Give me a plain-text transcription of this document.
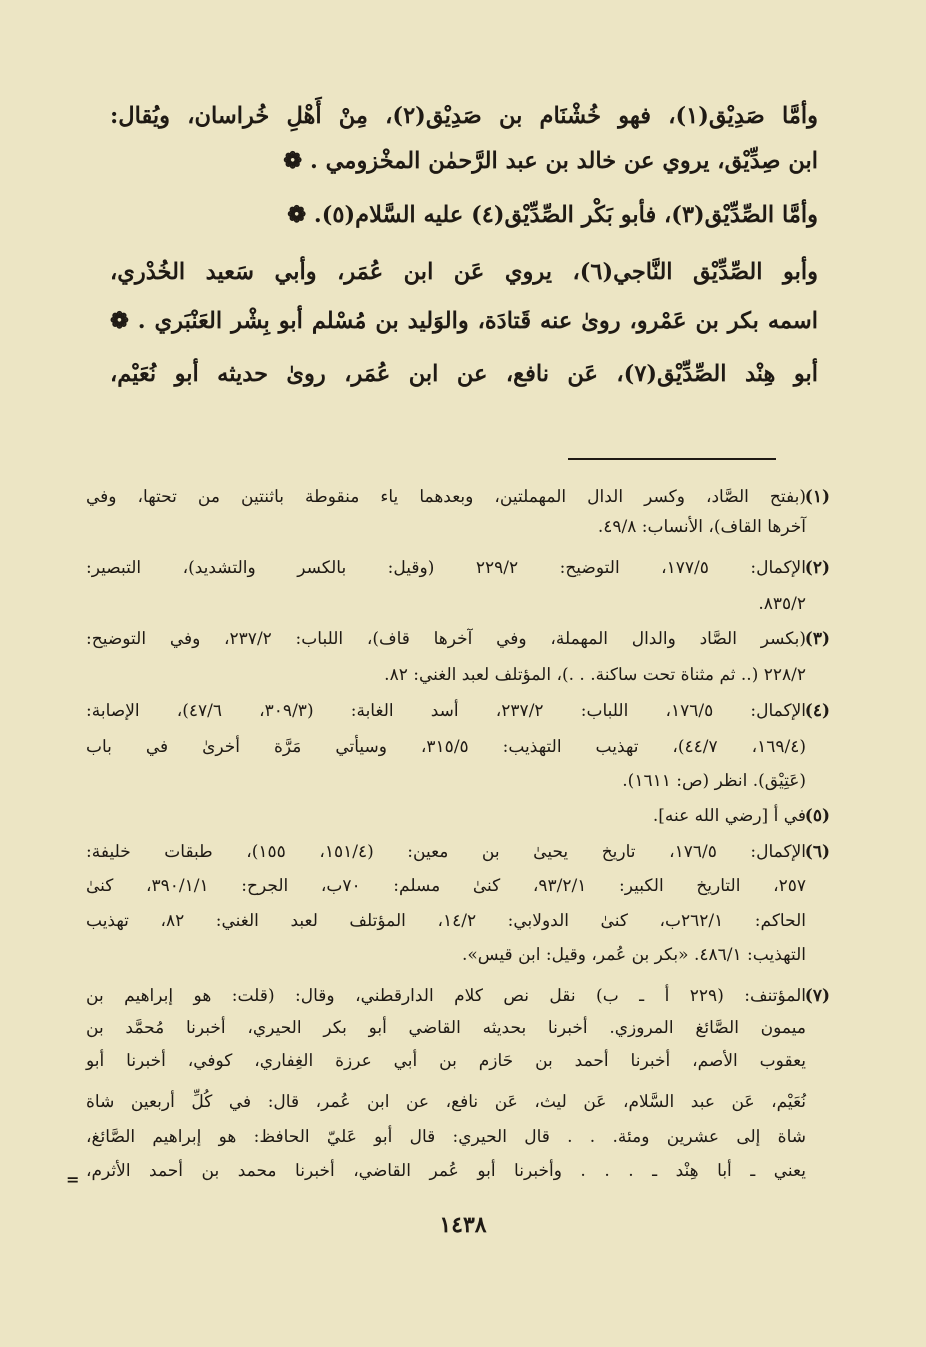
وأمَّا صَدِيْق(١)، فهو خُشْنَام بن صَدِيْق(٢)، مِنْ أَهْلِ خُراسان، ويُقال:
ابن صِدِّيْق، يروي عن خالد بن عبد الرَّحمٰن المخْزومي . ❁
وأمَّا الصِّدِّيْق(٣)، فأبو بَكْر الصِّدِّيْق(٤) عليه السَّلام(٥). ❁
وأبو الصِّدِّيْق النَّاجي(٦)، يروي عَن ابن عُمَر، وأبي سَعيد الخُدْري،
اسمه بكر بن عَمْرو، روىٰ عنه قَتادَة، والوَليد بن مُسْلم أبو بِشْر العَنْبَري . ❁
أبو هِنْد الصِّدِّيْق(٧)، عَن نافع، عن ابن عُمَر، روىٰ حديثه أبو نُعَيْم،
(١)
(بفتح الصَّاد، وكسر الدال المهملتين، وبعدهما ياء منقوطة باثنتين من تحتها، وفي
آخرها القاف)، الأنساب: ٤٩/٨.
(٢)
الإكمال: ١٧٧/٥، التوضيح: ٢٢٩/٢ (وقيل: بالكسر والتشديد)، التبصير:
٨٣٥/٢.
(٣)
(بكسر الصَّاد والدال المهملة، وفي آخرها قاف)، اللباب: ٢٣٧/٢، وفي التوضيح:
٢٢٨/٢ (.. ثم مثناة تحت ساكنة. . .)، المؤتلف لعبد الغني: ٨٢.
(٤)
الإكمال: ١٧٦/٥، اللباب: ٢٣٧/٢، أسد الغابة: (٣٠٩/٣، ٤٧/٦)، الإصابة:
(١٦٩/٤، ٤٤/٧)، تهذيب التهذيب: ٣١٥/٥، وسيأتي مَرَّة أخرىٰ في باب
(عَتِيْق). انظر (ص: ١٦١١).
(٥)
في أ [رضي الله عنه].
(٦)
الإكمال: ١٧٦/٥، تاريخ يحيىٰ بن معين: (١٥١/٤، ١٥٥)، طبقات خليفة:
٢٥٧، التاريخ الكبير: ٩٣/٢/١، كنىٰ مسلم: ٧٠ب، الجرح: ٣٩٠/١/١، كنىٰ
الحاكم: ٢٦٢/١ب، كنىٰ الدولابي: ١٤/٢، المؤتلف لعبد الغني: ٨٢، تهذيب
التهذيب: ٤٨٦/١. «بكر بن عُمر، وقيل: ابن قيس».
(٧)
المؤتنف: (٢٢٩ أ ـ ب) نقل نص كلام الدارقطني، وقال: (قلت: هو إبراهيم بن
ميمون الصَّائغ المروزي. أخبرنا بحديثه القاضي أبو بكر الحيري، أخبرنا مُحمَّد بن
يعقوب الأصم، أخبرنا أحمد بن حَازم بن أبي عرزة الغِفاري، كوفي، أخبرنا أبو
نُعَيْم، عَن عبد السَّلام، عَن ليث، عَن نافع، عن ابن عُمر، قال: في كُلِّ أربعين شاة
شاة إلى عشرين ومئة. . . قال الحيري: قال أبو عَليّ الحافظ: هو إبراهيم الصَّائغ،
يعني ـ أبا هِنْد ـ . . . وأخبرنا أبو عُمر القاضي، أخبرنا محمد بن أحمد الأثرم،
=
١٤٣٨
